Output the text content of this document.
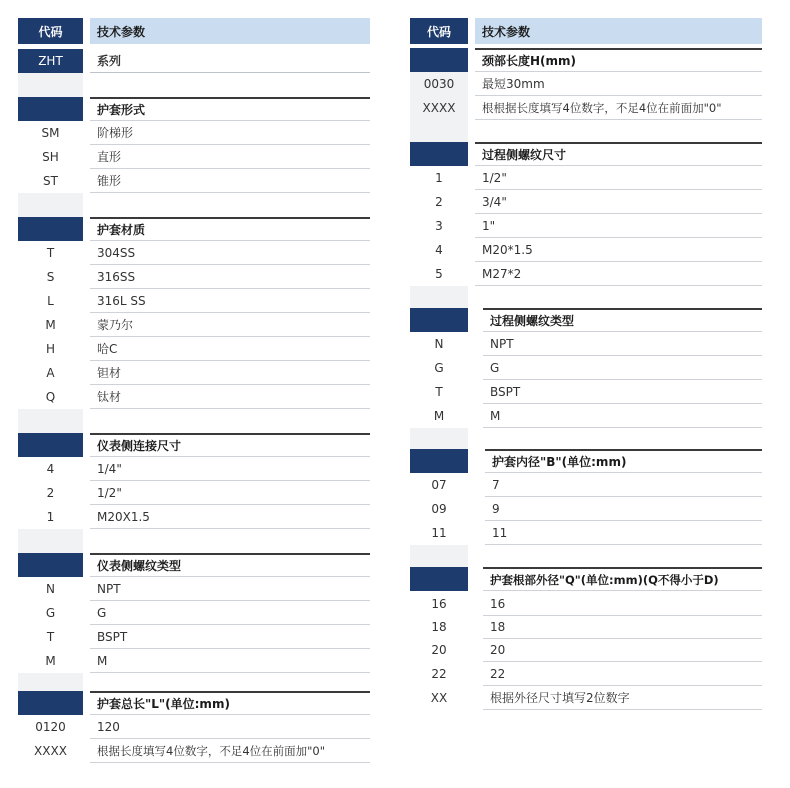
代码	技术参数
ZHT	系列
护套形式
SM	阶梯形
SH	直形
ST	锥形
护套材质
T	304SS
S	316SS
L	316L SS
M	蒙乃尔
H	哈C
A	钽材
Q	钛材
仪表侧连接尺寸
4	1/4"
2	1/2"
1	M20X1.5
仪表侧螺纹类型
N	NPT
G	G
T	BSPT
M	M
护套总长"L"(单位:mm)
0120	120
XXXX	根据长度填写4位数字，不足4位在前面加"0"
代码	技术参数
颈部长度H(mm)
0030	最短30mm
XXXX	根根据长度填写4位数字，不足4位在前面加"0"
过程侧螺纹尺寸
1	1/2"
2	3/4"
3	1"
4	M20*1.5
5	M27*2
过程侧螺纹类型
N	NPT
G	G
T	BSPT
M	M
护套内径"B"(单位:mm)
07	7
09	9
11	11
护套根部外径"Q"(单位:mm)(Q不得小于D)
16	16
18	18
20	20
22	22
XX	根据外径尺寸填写2位数字
